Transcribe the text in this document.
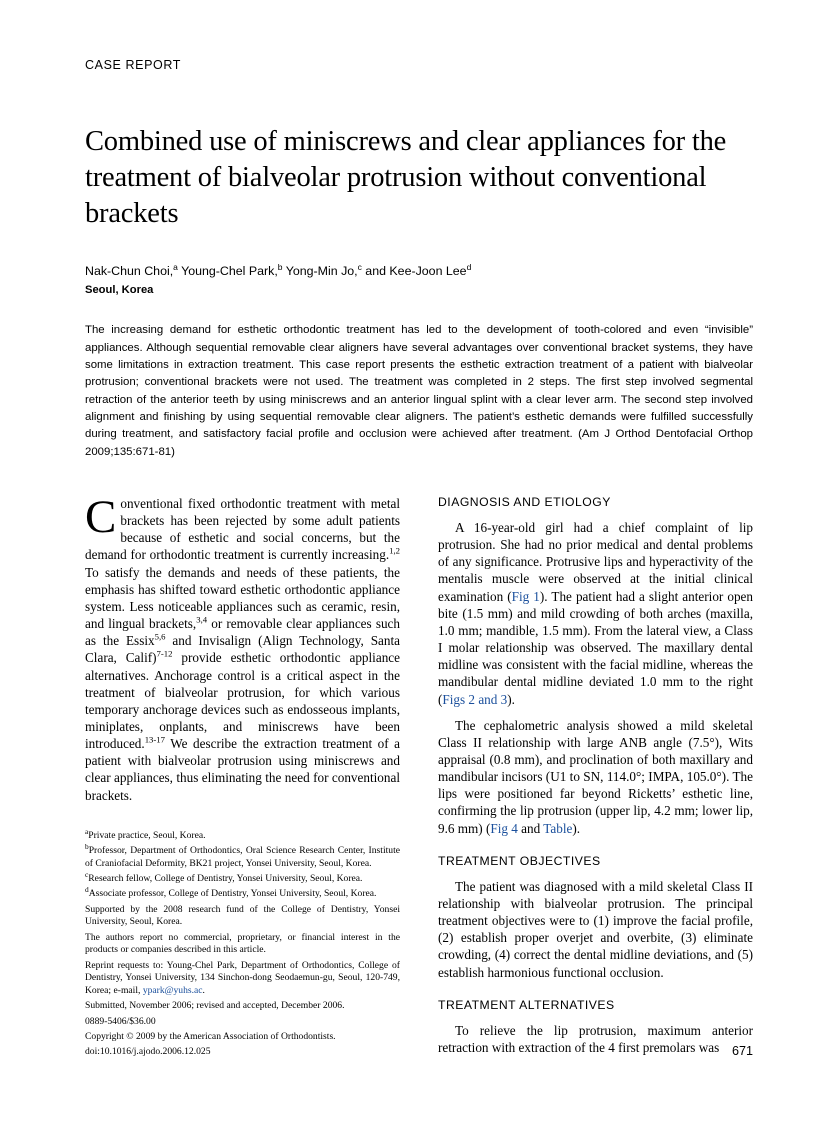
CASE REPORT
Combined use of miniscrews and clear appliances for the treatment of bialveolar protrusion without conventional brackets
Nak-Chun Choi,$^a$ Young-Chel Park,$^b$ Yong-Min Jo,$^c$ and Kee-Joon Lee$^d$
Seoul, Korea
The increasing demand for esthetic orthodontic treatment has led to the development of tooth-colored and even “invisible” appliances. Although sequential removable clear aligners have several advantages over conventional bracket systems, they have some limitations in extraction treatment. This case report presents the esthetic extraction treatment of a patient with bialveolar protrusion; conventional brackets were not used. The treatment was completed in 2 steps. The first step involved segmental retraction of the anterior teeth by using miniscrews and an anterior lingual splint with a clear lever arm. The second step involved alignment and finishing by using sequential removable clear aligners. The patient’s esthetic demands were fulfilled successfully during treatment, and satisfactory facial profile and occlusion were achieved after treatment. (Am J Orthod Dentofacial Orthop 2009;135:671-81)

Conventional fixed orthodontic treatment with metal brackets has been rejected by some adult patients because of esthetic and social concerns, but the demand for orthodontic treatment is currently increasing.$^{1,2}$ To satisfy the demands and needs of these patients, the emphasis has shifted toward esthetic orthodontic appliance system. Less noticeable appliances such as ceramic, resin, and lingual brackets,$^{3,4}$ or removable clear appliances such as the Essix$^{5,6}$ and Invisalign (Align Technology, Santa Clara, Calif)$^{7-12}$ provide esthetic orthodontic appliance alternatives. Anchorage control is a critical aspect in the treatment of bialveolar protrusion, for which various temporary anchorage devices such as endosseous implants, miniplates, onplants, and miniscrews have been introduced.$^{13-17}$ We describe the extraction treatment of a patient with bialveolar protrusion using miniscrews and clear appliances, thus eliminating the need for conventional brackets.

$^a$Private practice, Seoul, Korea.

$^b$Professor, Department of Orthodontics, Oral Science Research Center, Institute of Craniofacial Deformity, BK21 project, Yonsei University, Seoul, Korea.

$^c$Research fellow, College of Dentistry, Yonsei University, Seoul, Korea.

$^d$Associate professor, College of Dentistry, Yonsei University, Seoul, Korea.

Supported by the 2008 research fund of the College of Dentistry, Yonsei University, Seoul, Korea.

The authors report no commercial, proprietary, or financial interest in the products or companies described in this article.

Reprint requests to: Young-Chel Park, Department of Orthodontics, College of Dentistry, Yonsei University, 134 Sinchon-dong Seodaemun-gu, Seoul, 120-749, Korea; e-mail, ypark@yuhs.ac.

Submitted, November 2006; revised and accepted, December 2006.

0889-5406/$36.00

Copyright © 2009 by the American Association of Orthodontists.

doi:10.1016/j.ajodo.2006.12.025

DIAGNOSIS AND ETIOLOGY

A 16-year-old girl had a chief complaint of lip protrusion. She had no prior medical and dental problems of any significance. Protrusive lips and hyperactivity of the mentalis muscle were observed at the initial clinical examination (Fig 1). The patient had a slight anterior open bite (1.5 mm) and mild crowding of both arches (maxilla, 1.0 mm; mandible, 1.5 mm). From the lateral view, a Class I molar relationship was observed. The maxillary dental midline was consistent with the facial midline, whereas the mandibular dental midline deviated 1.0 mm to the right (Figs 2 and 3).

The cephalometric analysis showed a mild skeletal Class II relationship with large ANB angle (7.5°), Wits appraisal (0.8 mm), and proclination of both maxillary and mandibular incisors (U1 to SN, 114.0°; IMPA, 105.0°). The lips were positioned far beyond Ricketts’ esthetic line, confirming the lip protrusion (upper lip, 4.2 mm; lower lip, 9.6 mm) (Fig 4 and Table).

TREATMENT OBJECTIVES

The patient was diagnosed with a mild skeletal Class II relationship with bialveolar protrusion. The principal treatment objectives were to (1) improve the facial profile, (2) establish proper overjet and overbite, (3) eliminate crowding, (4) correct the dental midline deviations, and (5) establish harmonious functional occlusion.

TREATMENT ALTERNATIVES

To relieve the lip protrusion, maximum anterior retraction with extraction of the 4 first premolars was	671
